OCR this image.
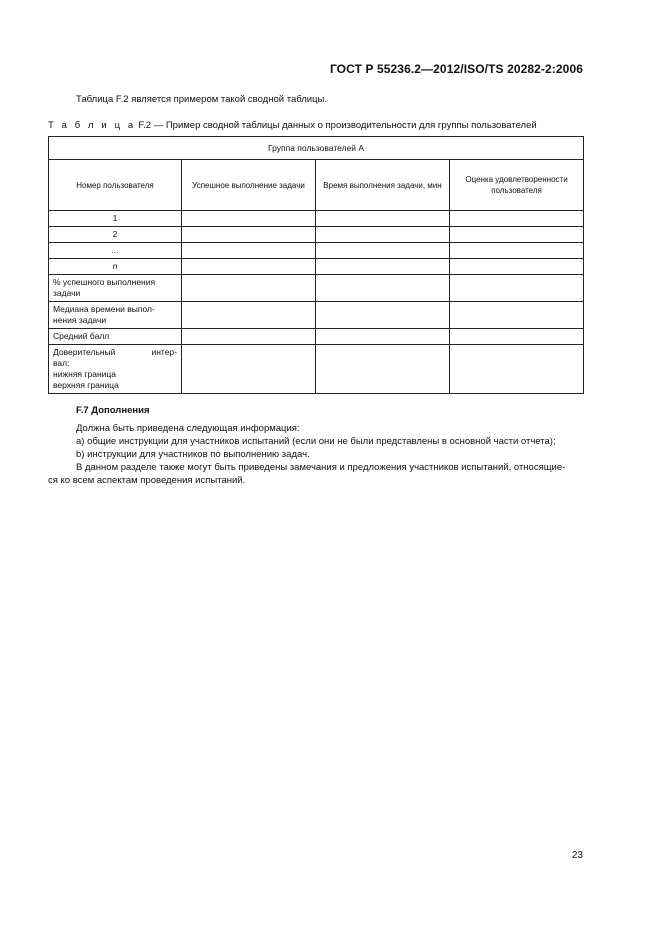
ГОСТ Р 55236.2—2012/ISO/TS 20282-2:2006
Таблица F.2 является примером такой сводной таблицы.
Т а б л и ц а F.2 — Пример сводной таблицы данных о производительности для группы пользователей
Группа пользователей А			
Номер пользователя	Успешное выполнение задачи	Время выполнения задачи, мин	Оценка удовлетворенности пользователя
1			
2			
…			
n			
% успешного выполнения задачи			
Медиана времени выпол-нения задачи			
Средний балл			

Доверительный интер-
вал:
нижняя граница
верхняя граница			

F.7 Дополнения
Должна быть приведена следующая информация:
а) общие инструкции для участников испытаний (если они не были представлены в основной части отчета);
b) инструкции для участников по выполнению задач.
В данном разделе также могут быть приведены замечания и предложения участников испытаний, относящие-
ся ко всем аспектам проведения испытаний.
23
